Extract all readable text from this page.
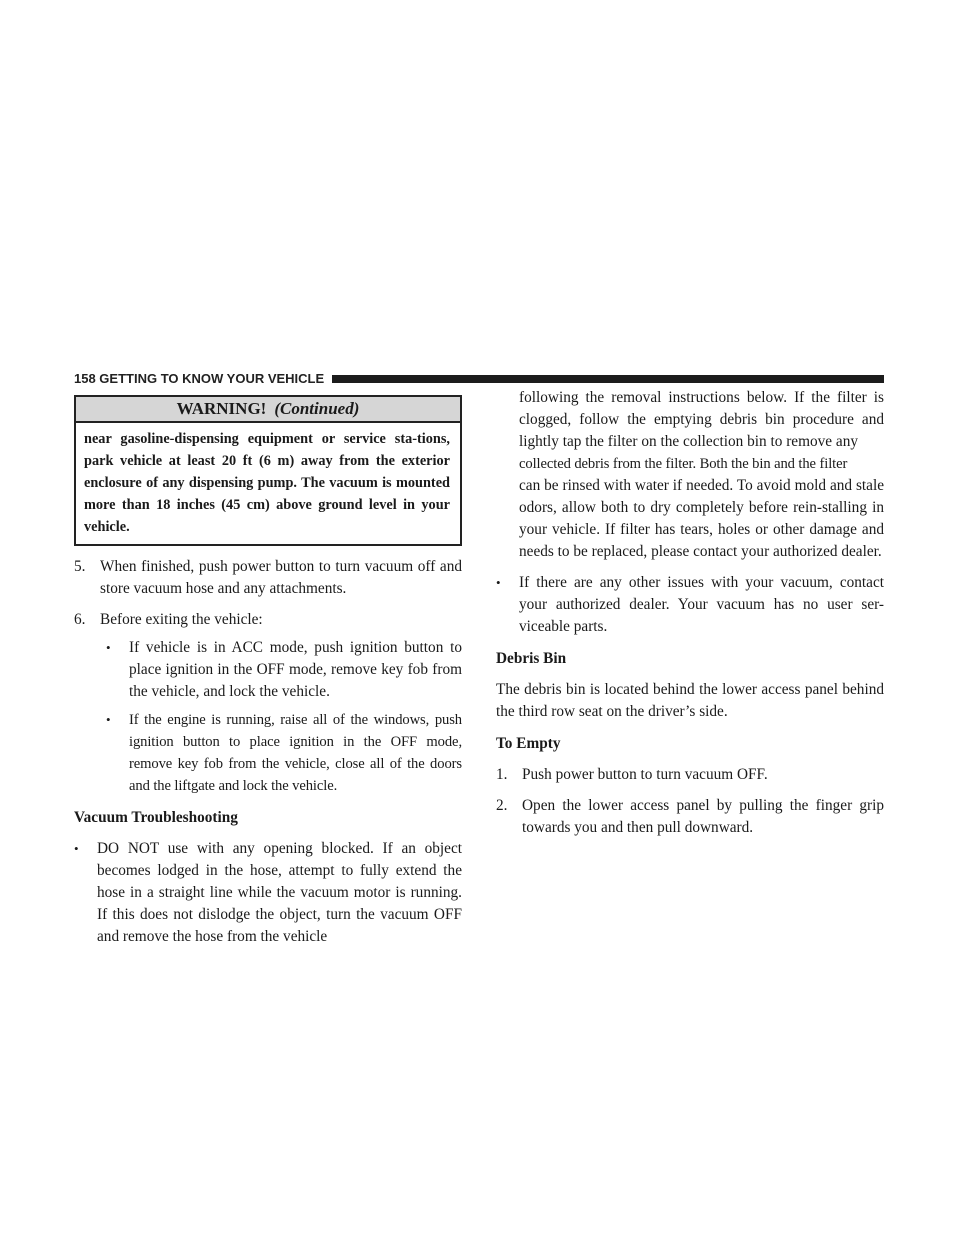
158 GETTING TO KNOW YOUR VEHICLE
WARNING! (Continued)
near gasoline-dispensing equipment or service sta-tions, park vehicle at least 20 ft (6 m) away from the exterior enclosure of any dispensing pump. The vacuum is mounted more than 18 inches (45 cm) above ground level in your vehicle.
5. When finished, push power button to turn vacuum off and store vacuum hose and any attachments.

6. Before exiting the vehicle:

•	If vehicle is in ACC mode, push ignition button to place ignition in the OFF mode, remove key fob from the vehicle, and lock the vehicle.

•	If the engine is running, raise all of the windows, push ignition button to place ignition in the OFF mode, remove key fob from the vehicle, close all of the doors and the liftgate and lock the vehicle.

Vacuum Troubleshooting

•	DO NOT use with any opening blocked. If an object becomes lodged in the hose, attempt to fully extend the hose in a straight line while the vacuum motor is running. If this does not dislodge the object, turn the vacuum OFF and remove the hose from the vehicle

following the removal instructions below. If the filter is clogged, follow the emptying debris bin procedure and lightly tap the filter on the collection bin to remove any

collected debris from the filter. Both the bin and the filter

can be rinsed with water if needed. To avoid mold and stale odors, allow both to dry completely before rein-stalling in your vehicle. If filter has tears, holes or other damage and needs to be replaced, please contact your authorized dealer.

•	If there are any other issues with your vacuum, contact your authorized dealer. Your vacuum has no user ser-viceable parts.

Debris Bin

The debris bin is located behind the lower access panel behind the third row seat on the driver’s side.

To Empty

1. Push power button to turn vacuum OFF.

2. Open the lower access panel by pulling the finger grip towards you and then pull downward.
